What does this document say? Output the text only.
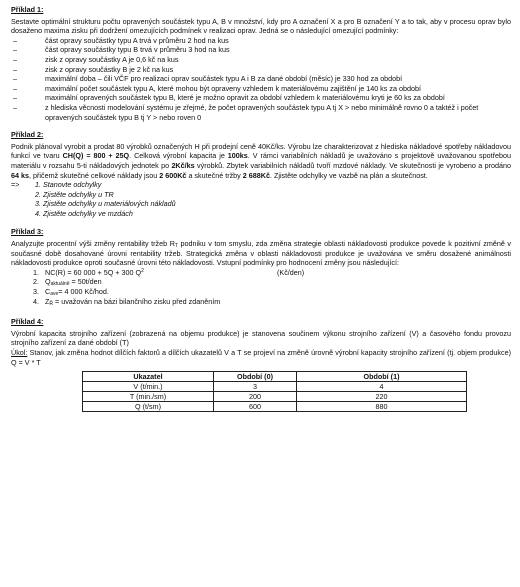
Příklad 1:
Sestavte optimální strukturu počtu opravených součástek typu A, B v množství, kdy pro A označení X a pro B označení Y a to tak, aby v procesu oprav bylo dosaženo maxima zisku při dodržení omezujících podmínek v realizaci oprav. Jedná se o následující omezující podmínky:
– část opravy součástky typu A trvá v průměru 2 hod na kus
– část opravy součástky typu B trvá v průměru 3 hod na kus
– zisk z opravy součástky A je 0,6 kč na kus
– zisk z opravy součástky B je 2 kč na kus
– maximální doba – čili VČF pro realizaci oprav součástek typu A i B za dané období (měsíc) je 330 hod za období
– maximální počet součástek typu A, které mohou být opraveny vzhledem k materiálovému zajištění je 140 ks za období
– maximální opravených součástek typu B, které je možno opravit za období vzhledem k materiálovému kryti je 60 ks za období
– z hlediska věcnosti modelování systému je zřejmé, že počet opravených součástek typu A tj X > nebo minimálně rovno 0 a taktéž i počet opravených součástek typu B tj Y > nebo roven 0
Příklad 2:
Podnik plánoval vyrobit a prodat 80 výrobků označených H při prodejní ceně 40Kč/ks. Výrobu lze charakterizovat z hlediska nákladové spotřeby nákladovou funkcí ve tvaru CH(Q) = 800 + 25Q. Celková výrobní kapacita je 100ks. V rámci variabilních nákladů je uvažováno s projektově uvažovanou spotřebou materiálu v rozsahu 5-ti nákladových jednotek po 2Kč/ks výrobků. Zbytek variabilních nákladů tvoří mzdové náklady. Ve skutečnosti je vyrobeno a prodáno 64 ks, přičemž skutečné celkové náklady jsou 2 600Kč a skutečné tržby 2 688Kč. Zjistěte odchylky ve vazbě na plán a skutečnost.
=>	1. Stanovte odchylky
2. Zjistěte odchylky u TR
3. Zjistěte odchylky u materiálových nákladů
4. Zjistěte odchylky ve mzdách
Příklad 3:
Analyzujte procentní výši změny rentability tržeb $R_T$ podniku v tom smyslu, zda změna strategie oblasti nákladovosti produkce povede k pozitivní změně v současné době dosahované úrovni rentability tržeb. Strategická změna v oblasti nákladovosti produkce je uvažována ve směru dosažené animálnosti nákladovosti produkce oproti současné úrovni této nákladovosti. Vstupní podmínky pro hodnocení změny jsou následující:
1. NC(R) = 60 000 + 5Q + 300 $Q^2$	(Kč/den)
2. $Q_{aktuálně} = 50t/den$
3. $C_{ave}= 4$ 000 Kč/hod.
4. $Z_Ř$ = uvažován na bázi bilančního zisku před zdaněním
Příklad 4:
Výrobní kapacita strojního zařízení (zobrazená na objemu produkce) je stanovena součinem výkonu strojního zařízení (V) a časového fondu provozu strojního zařízení za dané období (T)
Úkol: Stanov, jak změna hodnot dílčích faktorů a dílčích ukazatelů V a T se projeví na změně úrovně výrobní kapacity strojního zařízení (tj. objem produkce) Q = V * T
Ukazatel	Období (0)	Období (1)
V (t/min.)	3	4
T (min./sm)	200	220
Q (t/sm)	600	880
